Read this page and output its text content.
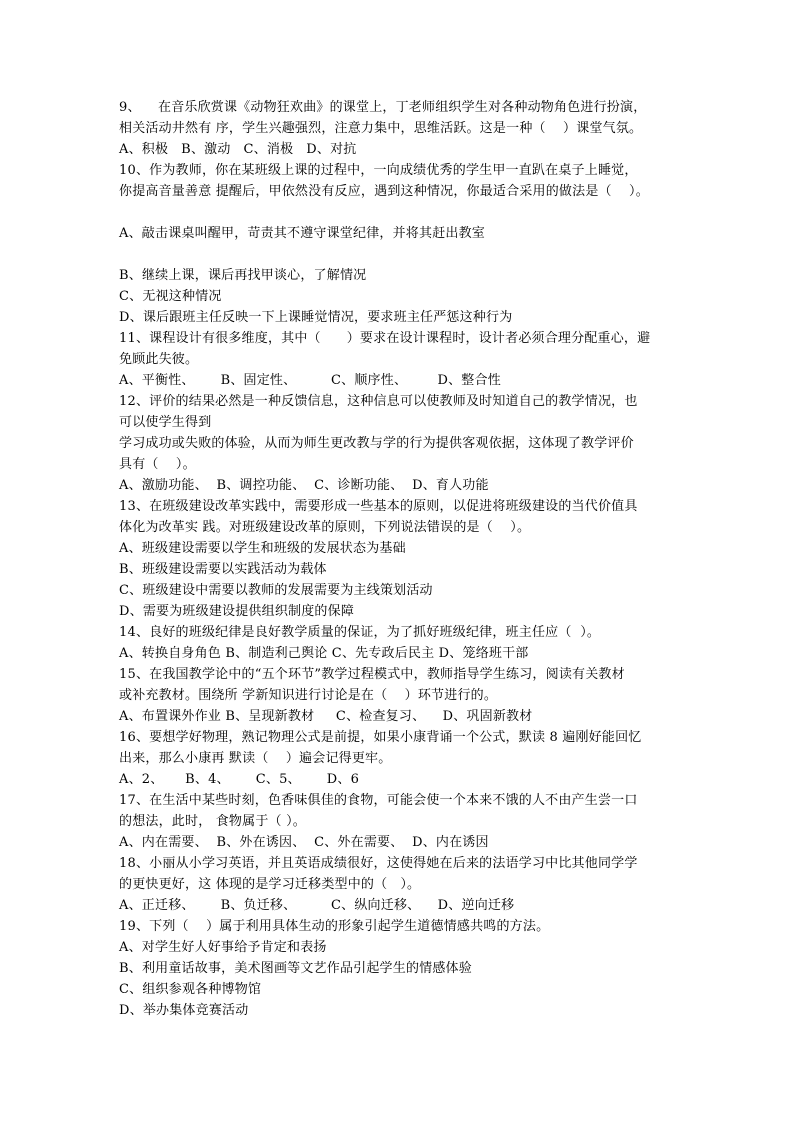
9、    在音乐欣赏课《动物狂欢曲》的课堂上，丁老师组织学生对各种动物角色进行扮演，
相关活动井然有 序，学生兴趣强烈，注意力集中，思维活跃。这是一种（    ）课堂气氛。
A、积极   B、激动   C、消极   D、对抗
10、作为教师，你在某班级上课的过程中，一向成绩优秀的学生甲一直趴在桌子上睡觉，
你提高音量善意 提醒后，甲依然没有反应，遇到这种情况，你最适合采用的做法是（    ）。
A、敲击课桌叫醒甲，苛责其不遵守课堂纪律，并将其赶出教室
B、继续上课，课后再找甲谈心，了解情况
C、无视这种情况
D、课后跟班主任反映一下上课睡觉情况，要求班主任严惩这种行为
11、课程设计有很多维度，其中（      ）要求在设计课程时，设计者必须合理分配重心，避
免顾此失彼。
A、平衡性、      B、固定性、        C、顺序性、       D、整合性
12、评价的结果必然是一种反馈信息，这种信息可以使教师及时知道自己的教学情况，也
可以使学生得到
学习成功或失败的体验，从而为师生更改教与学的行为提供客观依据，这体现了教学评价
具有（    ）。
A、激励功能、  B、调控功能、  C、诊断功能、  D、育人功能
13、在班级建设改革实践中，需要形成一些基本的原则，以促进将班级建设的当代价值具
体化为改革实 践。对班级建设改革的原则，下列说法错误的是（    ）。
A、班级建设需要以学生和班级的发展状态为基础
B、班级建设需要以实践活动为载体
C、班级建设中需要以教师的发展需要为主线策划活动
D、需要为班级建设提供组织制度的保障
14、良好的班级纪律是良好教学质量的保证，为了抓好班级纪律，班主任应（  ）。
A、转换自身角色 B、制造利己舆论 C、先专政后民主 D、笼络班干部
15、在我国教学论中的“五个环节”教学过程模式中，教师指导学生练习，阅读有关教材
或补充教材。围绕所 学新知识进行讨论是在（    ）环节进行的。
A、布置课外作业 B、呈现新教材     C、检查复习、    D、巩固新教材
16、要想学好物理，熟记物理公式是前提，如果小康背诵一个公式，默读 8 遍刚好能回忆
出来，那么小康再 默读（    ）遍会记得更牢。
A、2、     B、4、      C、5、      D、6
17、在生活中某些时刻，色香味俱佳的食物，可能会使一个本来不饿的人不由产生尝一口
的想法，此时， 食物属于（ ）。
A、内在需要、  B、外在诱因、  C、外在需要、  D、内在诱因
18、小丽从小学习英语，并且英语成绩很好，这使得她在后来的法语学习中比其他同学学
的更快更好，这 体现的是学习迁移类型中的（   ）。
A、正迁移、      B、负迁移、        C、纵向迁移、    D、逆向迁移
19、下列（    ）属于利用具体生动的形象引起学生道德情感共鸣的方法。
A、对学生好人好事给予肯定和表扬
B、利用童话故事，美术图画等文艺作品引起学生的情感体验
C、组织参观各种博物馆
D、举办集体竞赛活动
